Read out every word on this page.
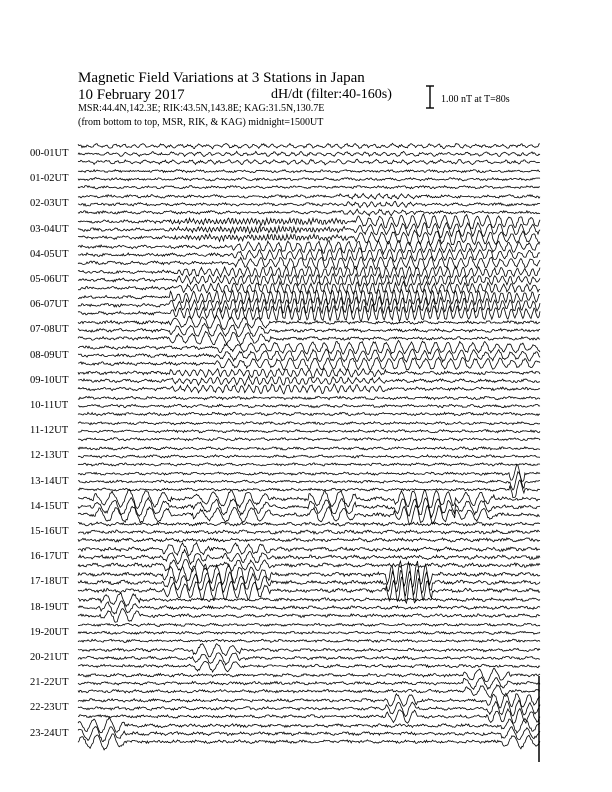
Magnetic Field Variations at 3 Stations in Japan
10 February 2017	dH/dt (filter:40-160s)
MSR:44.4N,142.3E; RIK:43.5N,143.8E; KAG:31.5N,130.7E
(from bottom to top, MSR, RIK, & KAG) midnight=1500UT
1.00 nT at T=80s
00-01UT
01-02UT
02-03UT
03-04UT
04-05UT
05-06UT
06-07UT
07-08UT
08-09UT
09-10UT
10-11UT
11-12UT
12-13UT
13-14UT
14-15UT
15-16UT
16-17UT
17-18UT
18-19UT
19-20UT
20-21UT
21-22UT
22-23UT
23-24UT
